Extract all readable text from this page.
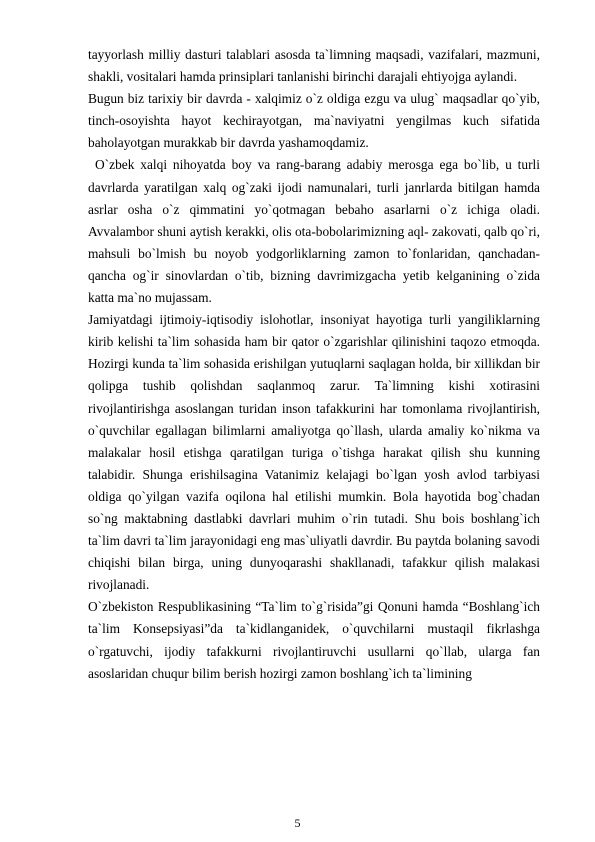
tayyorlash milliy dasturi talablari asosda ta`limning maqsadi, vazifalari, mazmuni, shakli, vositalari hamda prinsiplari tanlanishi birinchi darajali ehtiyojga aylandi.

Bugun biz tarixiy bir davrda - xalqimiz o`z oldiga ezgu va ulug` maqsadlar qo`yib, tinch-osoyishta hayot kechirayotgan, ma`naviyatni yengilmas kuch sifatida baholayotgan murakkab bir davrda yashamoqdamiz.

O`zbek xalqi nihoyatda boy va rang-barang adabiy merosga ega bo`lib, u turli davrlarda yaratilgan xalq og`zaki ijodi namunalari, turli janrlarda bitilgan hamda asrlar osha o`z qimmatini yo`qotmagan bebaho asarlarni o`z ichiga oladi. Avvalambor shuni aytish kerakki, olis ota-bobolarimizning aql- zakovati, qalb qo`ri, mahsuli bo`lmish bu noyob yodgorliklarning zamon to`fonlaridan, qanchadan-qancha og`ir sinovlardan o`tib, bizning davrimizgacha yetib kelganining o`zida katta ma`no mujassam.

Jamiyatdagi ijtimoiy-iqtisodiy islohotlar, insoniyat hayotiga turli yangiliklarning kirib kelishi ta`lim sohasida ham bir qator o`zgarishlar qilinishini taqozo etmoqda. Hozirgi kunda ta`lim sohasida erishilgan yutuqlarni saqlagan holda, bir xillikdan bir qolipga tushib qolishdan saqlanmoq zarur. Ta`limning kishi xotirasini rivojlantirishga asoslangan turidan inson tafakkurini har tomonlama rivojlantirish, o`quvchilar egallagan bilimlarni amaliyotga qo`llash, ularda amaliy ko`nikma va malakalar hosil etishga qaratilgan turiga o`tishga harakat qilish shu kunning talabidir. Shunga erishilsagina Vatanimiz kelajagi bo`lgan yosh avlod tarbiyasi oldiga qo`yilgan vazifa oqilona hal etilishi mumkin. Bola hayotida bog`chadan so`ng maktabning dastlabki davrlari muhim o`rin tutadi. Shu bois boshlang`ich ta`lim davri ta`lim jarayonidagi eng mas`uliyatli davrdir. Bu paytda bolaning savodi chiqishi bilan birga, uning dunyoqarashi shakllanadi, tafakkur qilish malakasi rivojlanadi.

O`zbekiston Respublikasining “Ta`lim to`g`risida”gi Qonuni hamda “Boshlang`ich ta`lim Konsepsiyasi”da ta`kidlanganidek, o`quvchilarni mustaqil fikrlashga o`rgatuvchi, ijodiy tafakkurni rivojlantiruvchi usullarni qo`llab, ularga fan asoslaridan chuqur bilim berish hozirgi zamon boshlang`ich ta`limining

5
